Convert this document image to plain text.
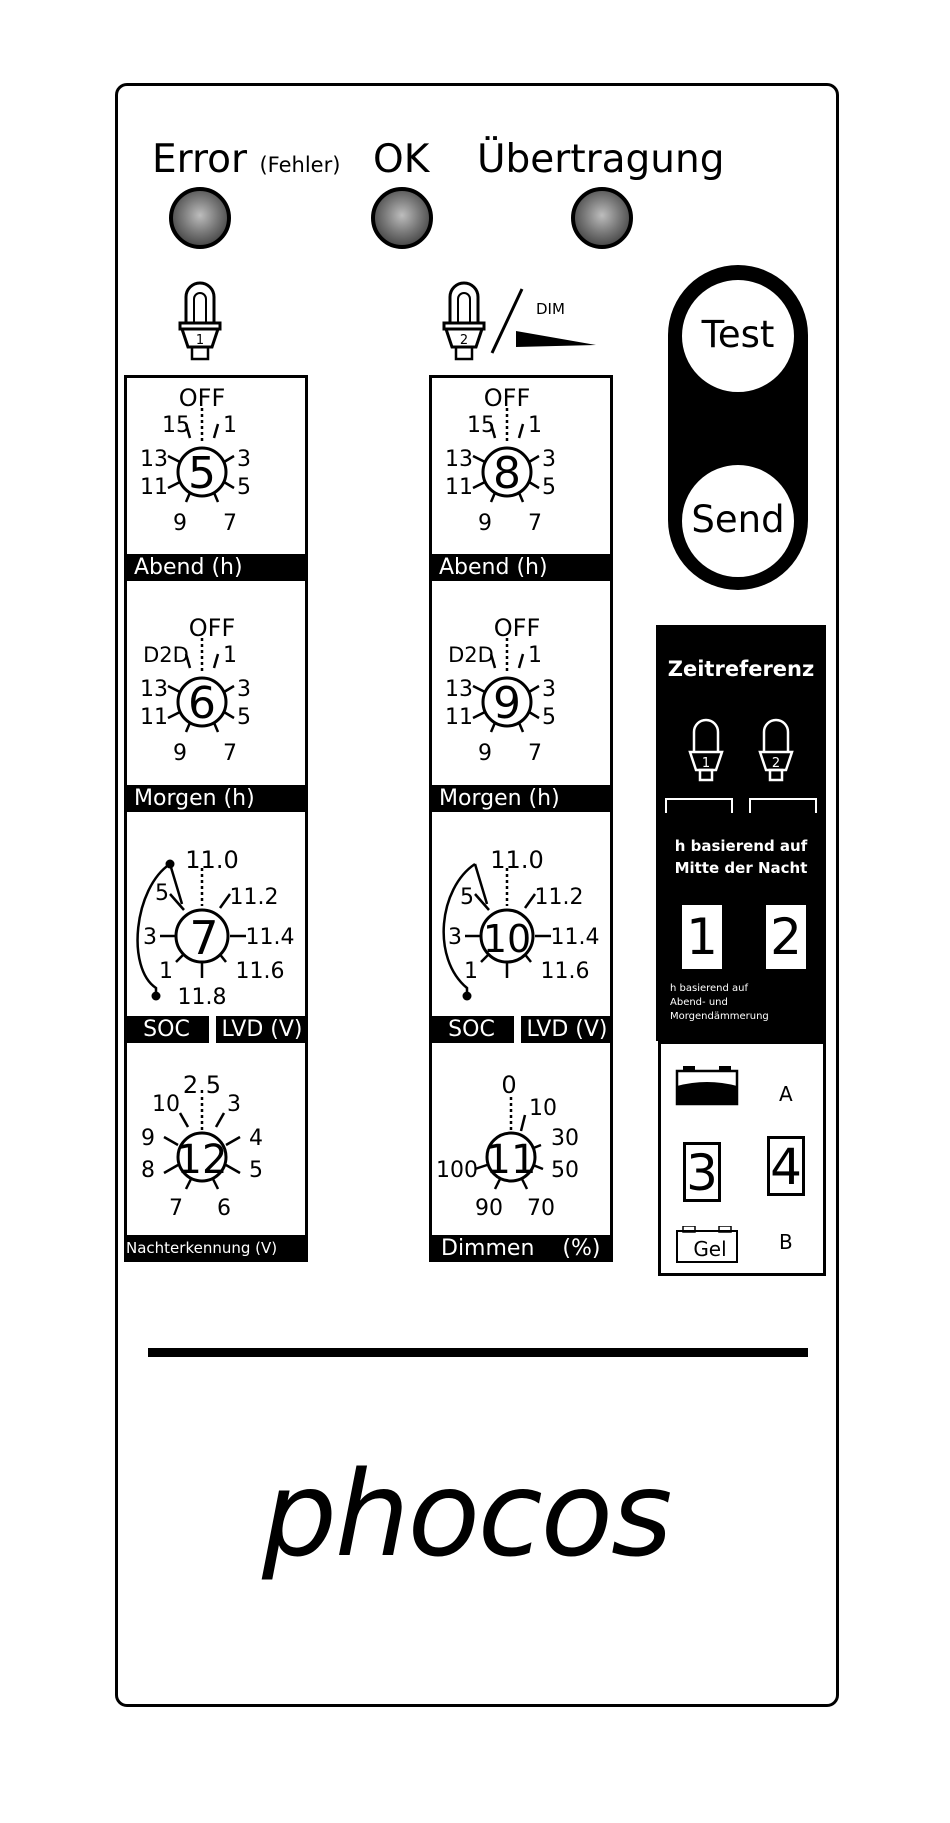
Error (Fehler) OK Übertragung
1	2
DIM
Test
Send
5
OFF
15 1
13	3
11	5
9 7
Abend (h)
8
OFF
15 1
13	3
11	5
9 7
Abend (h)
6
OFF
D2D 1
13	3
11	5
9 7
Morgen (h)
9
OFF
D2D 1
13	3
11	5
9 7
Morgen (h)
7
11.0
5	11.2
3	11.4
1	11.6
11.8
SOC	LVD (V)
10
11.0
5	11.2
3	11.4
1	11.6
SOC	LVD (V)
12
2.5
10 3
9	4
8	5
7 6
Nachterkennung (V)
11
0
10
30
50
100
90 70
Dimmen    (%)
Zeitreferenz
1	2
h basierend auf
Mitte der Nacht
1 2
h basierend auf
Abend- und
Morgendämmerung
A
3 4
Gel	B
phocos
